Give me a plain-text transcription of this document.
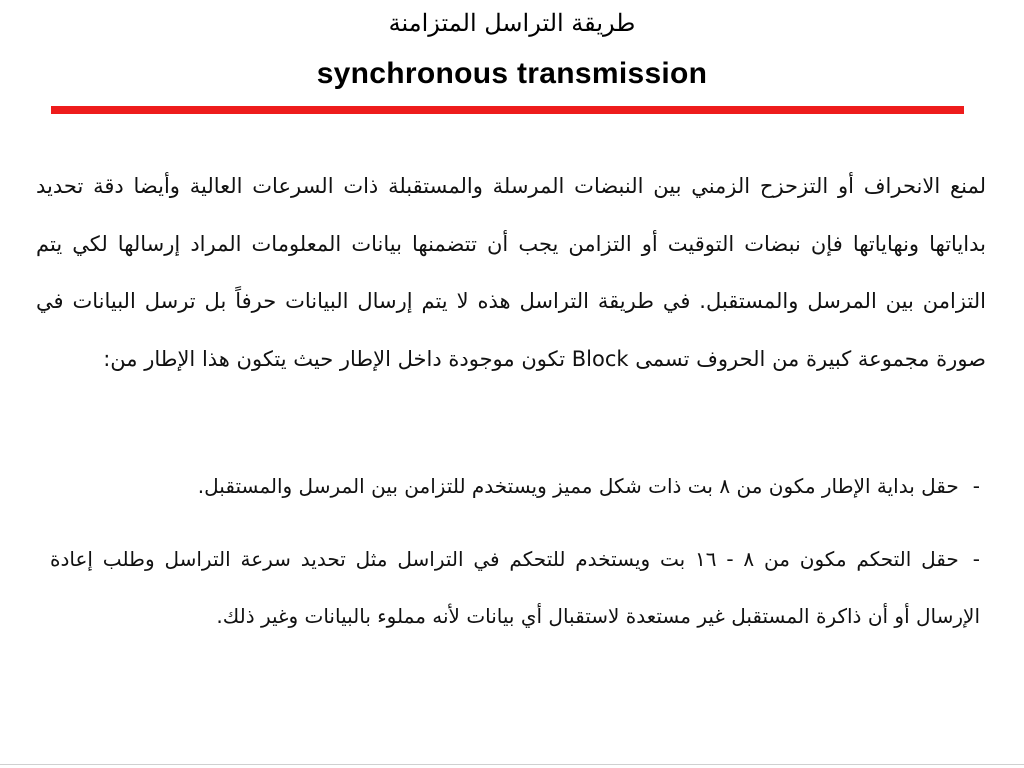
طريقة التراسل المتزامنة
synchronous transmission
لمنع الانحراف أو التزحزح الزمني بين النبضات المرسلة والمستقبلة ذات السرعات العالية وأيضا دقة تحديد بداياتها ونهاياتها فإن نبضات التوقيت أو التزامن يجب أن تتضمنها بيانات المعلومات المراد إرسالها لكي يتم التزامن بين المرسل والمستقبل. في طريقة التراسل هذه لا يتم إرسال البيانات حرفاً بل ترسل البيانات في صورة مجموعة كبيرة من الحروف تسمى Block تكون موجودة داخل الإطار حيث يتكون هذا الإطار من:
-حقل بداية الإطار مكون من ٨ بت ذات شكل مميز ويستخدم للتزامن بين المرسل والمستقبل.
-حقل التحكم مكون من ٨ - ١٦ بت ويستخدم للتحكم في التراسل مثل تحديد سرعة التراسل وطلب إعادة الإرسال أو أن ذاكرة المستقبل غير مستعدة لاستقبال أي بيانات لأنه مملوء بالبيانات وغير ذلك.
